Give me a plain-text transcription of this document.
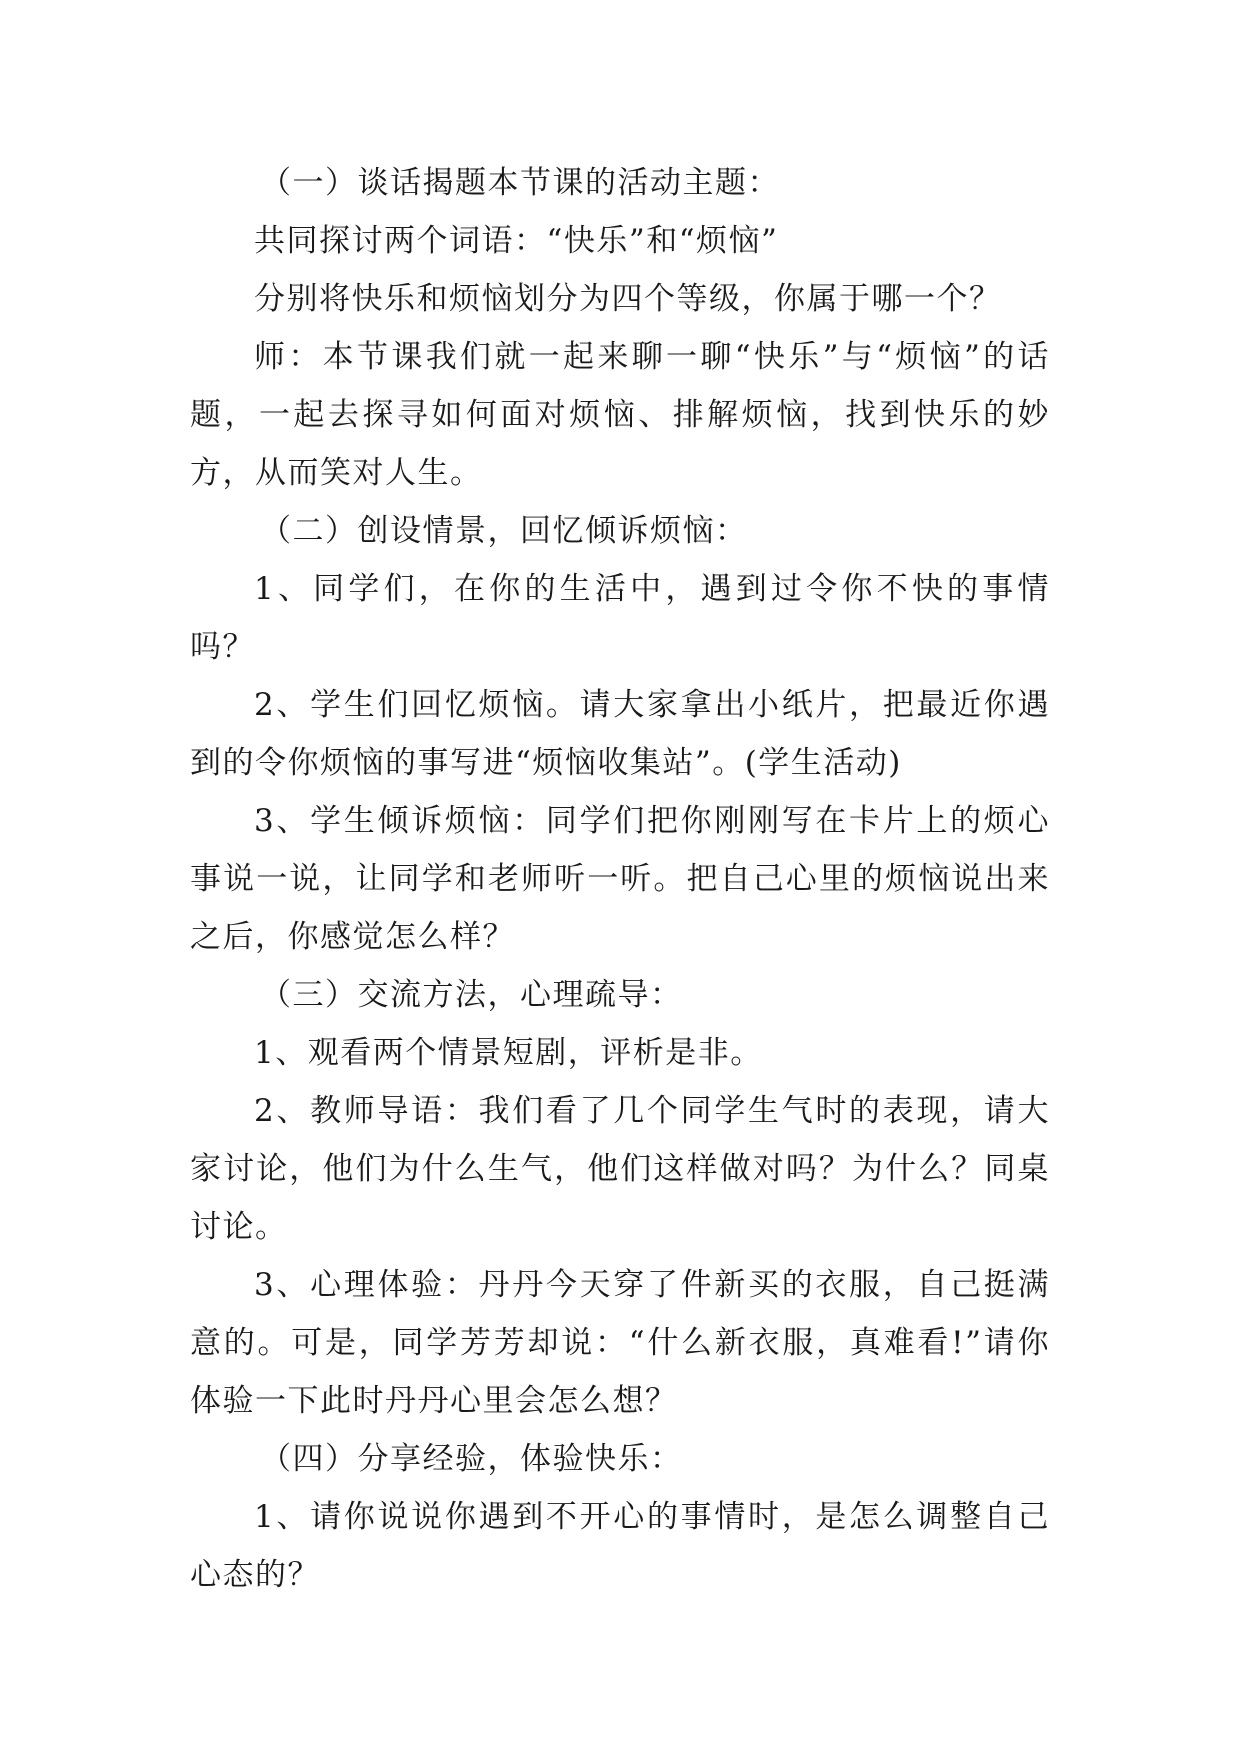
（一）谈话揭题本节课的活动主题：

共同探讨两个词语：“快乐”和“烦恼”

分别将快乐和烦恼划分为四个等级，你属于哪一个？

师：本节课我们就一起来聊一聊“快乐”与“烦恼”的话题，一起去探寻如何面对烦恼、排解烦恼，找到快乐的妙方，从而笑对人生。

（二）创设情景，回忆倾诉烦恼：

1、同学们，在你的生活中，遇到过令你不快的事情吗？

2、学生们回忆烦恼。请大家拿出小纸片，把最近你遇到的令你烦恼的事写进“烦恼收集站”。(学生活动)

3、学生倾诉烦恼：同学们把你刚刚写在卡片上的烦心事说一说，让同学和老师听一听。把自己心里的烦恼说出来之后，你感觉怎么样？

（三）交流方法，心理疏导：

1、观看两个情景短剧，评析是非。

2、教师导语：我们看了几个同学生气时的表现，请大家讨论，他们为什么生气，他们这样做对吗？为什么？同桌讨论。

3、心理体验：丹丹今天穿了件新买的衣服，自己挺满意的。可是，同学芳芳却说：“什么新衣服，真难看!”请你体验一下此时丹丹心里会怎么想？

（四）分享经验，体验快乐：

1、请你说说你遇到不开心的事情时，是怎么调整自己心态的？
